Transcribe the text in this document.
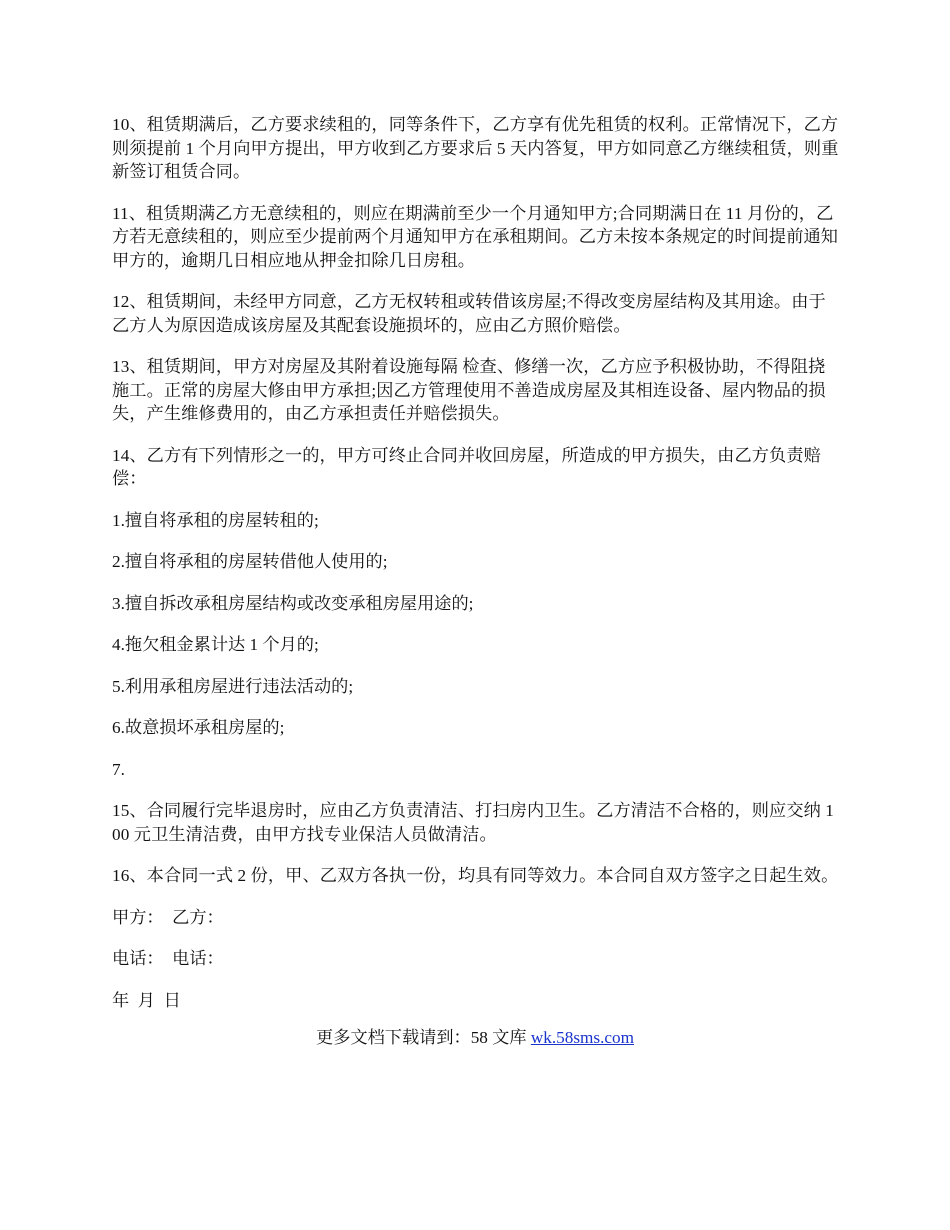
10、租赁期满后，乙方要求续租的，同等条件下，乙方享有优先租赁的权利。正常情况下，乙方则须提前 1 个月向甲方提出，甲方收到乙方要求后 5 天内答复，甲方如同意乙方继续租赁，则重新签订租赁合同。

11、租赁期满乙方无意续租的，则应在期满前至少一个月通知甲方;合同期满日在 11 月份的，乙方若无意续租的，则应至少提前两个月通知甲方在承租期间。乙方未按本条规定的时间提前通知甲方的，逾期几日相应地从押金扣除几日房租。

12、租赁期间，未经甲方同意，乙方无权转租或转借该房屋;不得改变房屋结构及其用途。由于乙方人为原因造成该房屋及其配套设施损坏的，应由乙方照价赔偿。

13、租赁期间，甲方对房屋及其附着设施每隔 检查、修缮一次，乙方应予积极协助，不得阻挠施工。正常的房屋大修由甲方承担;因乙方管理使用不善造成房屋及其相连设备、屋内物品的损失，产生维修费用的，由乙方承担责任并赔偿损失。

14、乙方有下列情形之一的，甲方可终止合同并收回房屋，所造成的甲方损失，由乙方负责赔偿：

1.擅自将承租的房屋转租的;

2.擅自将承租的房屋转借他人使用的;

3.擅自拆改承租房屋结构或改变承租房屋用途的;

4.拖欠租金累计达 1 个月的;

5.利用承租房屋进行违法活动的;

6.故意损坏承租房屋的;

7.

15、合同履行完毕退房时，应由乙方负责清洁、打扫房内卫生。乙方清洁不合格的，则应交纳 100 元卫生清洁费，由甲方找专业保洁人员做清洁。

16、本合同一式 2 份，甲、乙双方各执一份，均具有同等效力。本合同自双方签字之日起生效。

甲方：  乙方：

电话：  电话：

年  月  日

更多文档下载请到：58 文库 wk.58sms.com
